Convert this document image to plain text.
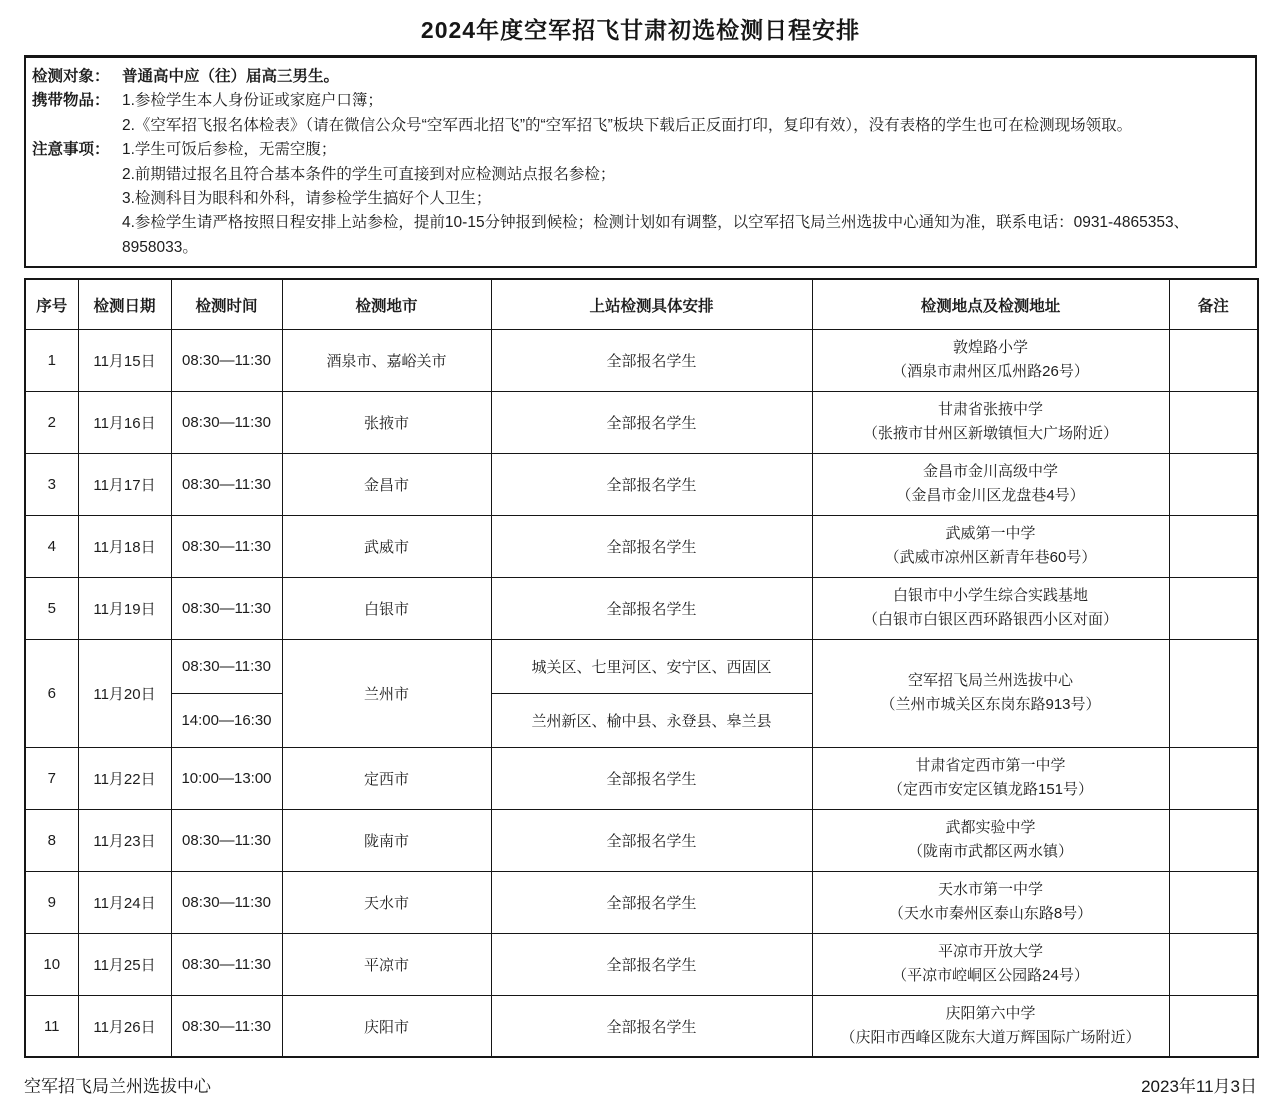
2024年度空军招飞甘肃初选检测日程安排
检测对象： 普通高中应（往）届高三男生。
携带物品： 1.参检学生本人身份证或家庭户口簿；
2.《空军招飞报名体检表》（请在微信公众号“空军西北招飞”的“空军招飞”板块下载后正反面打印，复印有效），没有表格的学生也可在检测现场领取。
注意事项： 1.学生可饭后参检，无需空腹；
2.前期错过报名且符合基本条件的学生可直接到对应检测站点报名参检；
3.检测科目为眼科和外科，请参检学生搞好个人卫生；
4.参检学生请严格按照日程安排上站参检，提前10-15分钟报到候检；检测计划如有调整，以空军招飞局兰州选拔中心通知为准，联系电话：0931-4865353、
8958033。
序号	检测日期	检测时间	检测地市	上站检测具体安排	检测地点及检测地址	备注
1	11月15日	08:30—11:30	酒泉市、嘉峪关市	全部报名学生	敦煌路小学
（酒泉市肃州区瓜州路26号）	

2	11月16日	08:30—11:30	张掖市	全部报名学生	甘肃省张掖中学
（张掖市甘州区新墩镇恒大广场附近）	

3	11月17日	08:30—11:30	金昌市	全部报名学生	金昌市金川高级中学
（金昌市金川区龙盘巷4号）	

4	11月18日	08:30—11:30	武威市	全部报名学生	武威第一中学
（武威市凉州区新青年巷60号）	

5	11月19日	08:30—11:30	白银市	全部报名学生	白银市中小学生综合实践基地
（白银市白银区西环路银西小区对面）	

6	11月20日	08:30—11:30	兰州市	城关区、七里河区、安宁区、西固区	空军招飞局兰州选拔中心
（兰州市城关区东岗东路913号）	

		14:00—16:30		兰州新区、榆中县、永登县、皋兰县		
7	11月22日	10:00—13:00	定西市	全部报名学生	甘肃省定西市第一中学
（定西市安定区镇龙路151号）	

8	11月23日	08:30—11:30	陇南市	全部报名学生	武都实验中学
（陇南市武都区两水镇）	

9	11月24日	08:30—11:30	天水市	全部报名学生	天水市第一中学
（天水市秦州区泰山东路8号）	

10	11月25日	08:30—11:30	平凉市	全部报名学生	平凉市开放大学
（平凉市崆峒区公园路24号）	

11	11月26日	08:30—11:30	庆阳市	全部报名学生	庆阳第六中学
（庆阳市西峰区陇东大道万辉国际广场附近）	

空军招飞局兰州选拔中心	2023年11月3日
